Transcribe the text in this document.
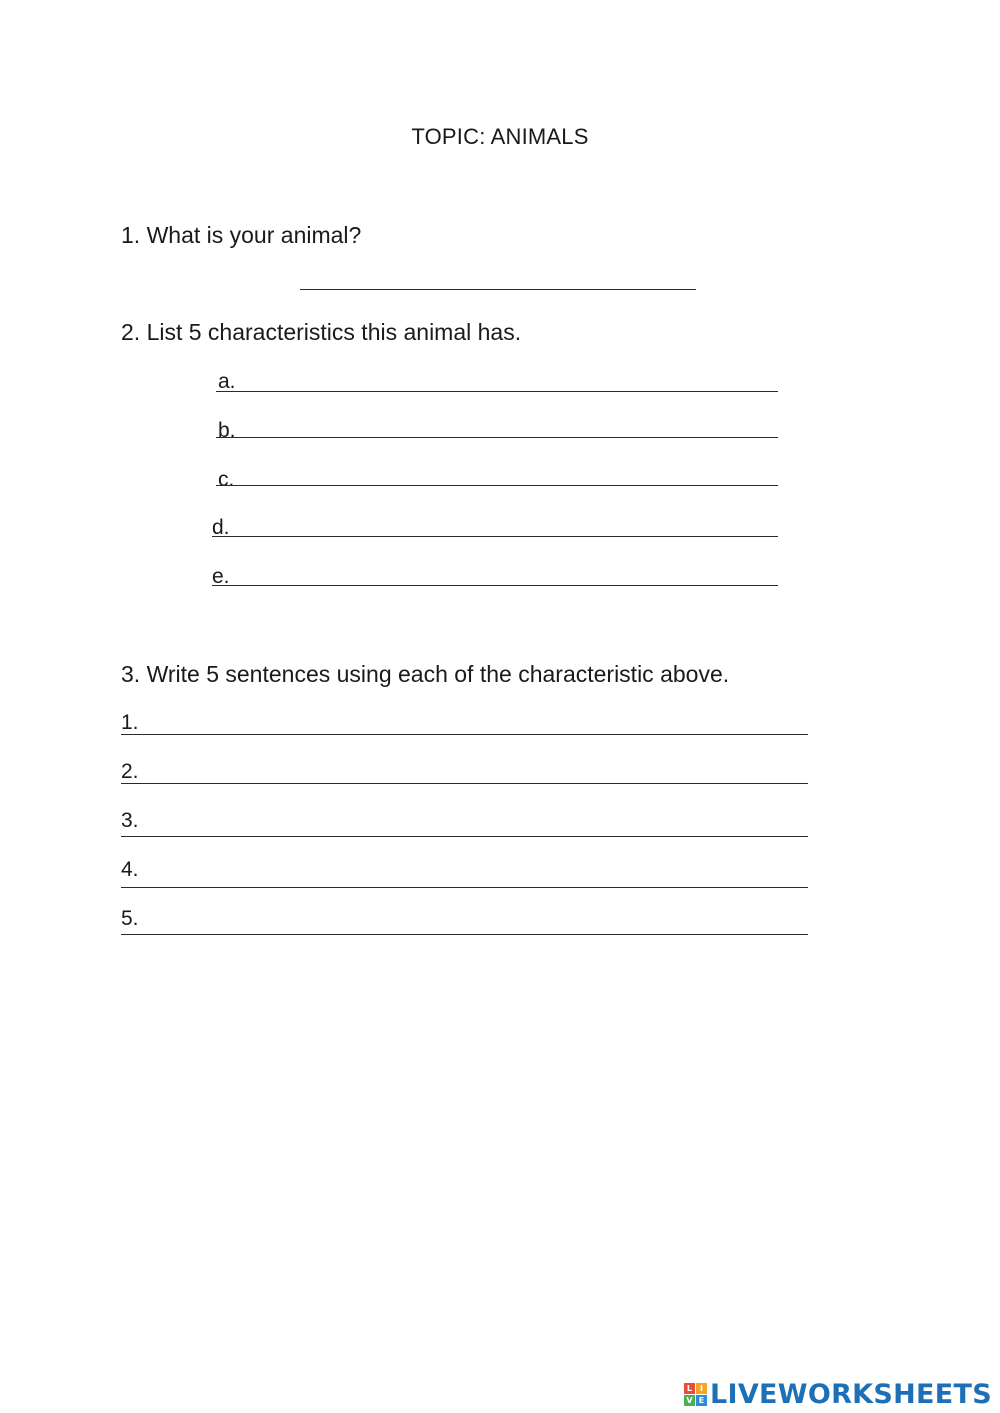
TOPIC: ANIMALS
1. What is your animal?
2. List 5 characteristics this animal has.
a.
b.
c.
d.
e.
3. Write 5 sentences using each of the characteristic above.
1.
2.
3.
4.
5.
L I
V E LIVEWORKSHEETS
